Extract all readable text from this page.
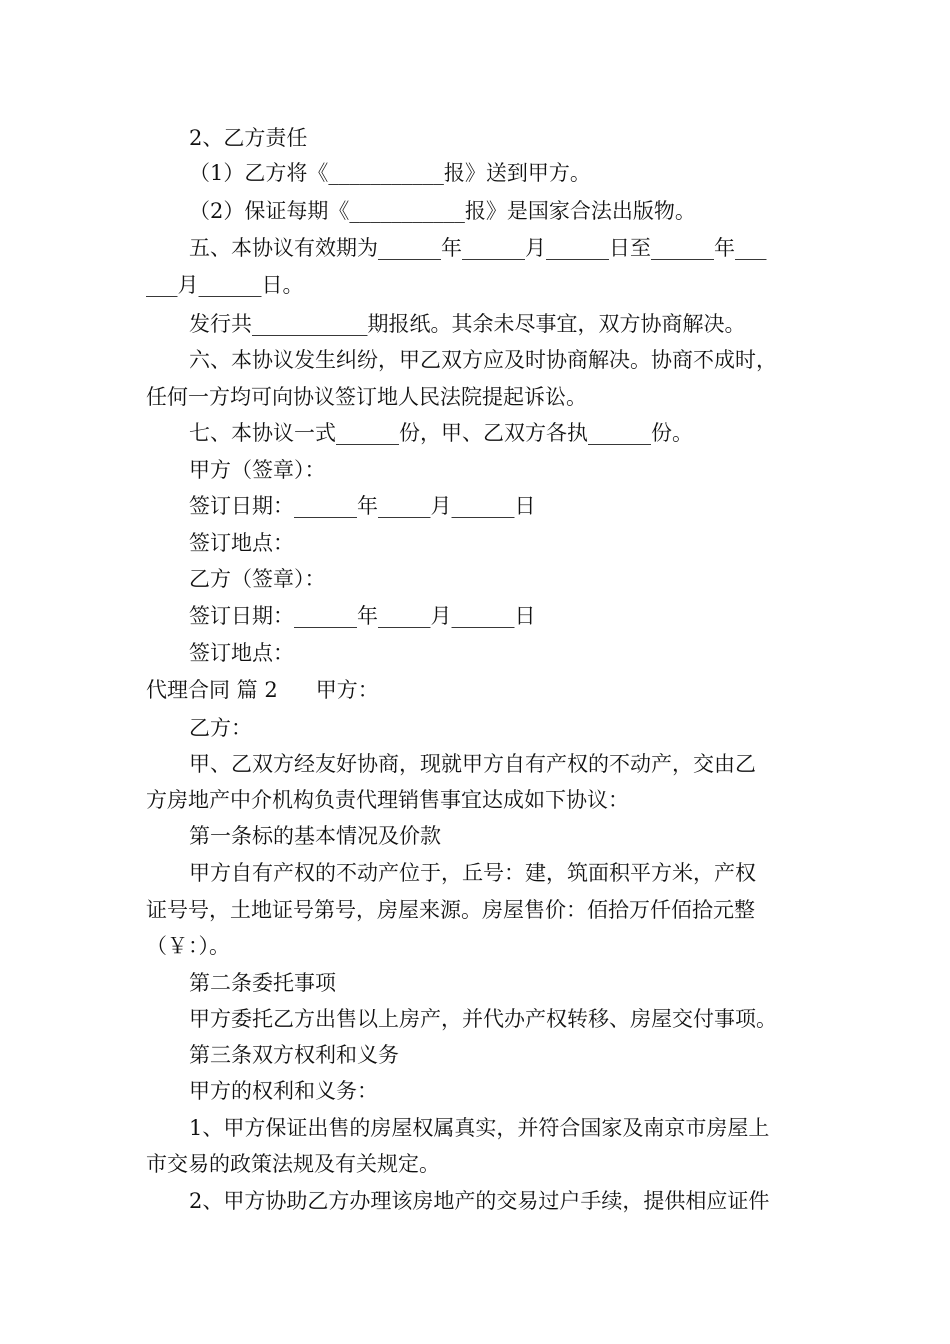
2、乙方责任
（1）乙方将《___________报》送到甲方。
（2）保证每期《___________报》是国家合法出版物。
五、本协议有效期为______年______月______日至______年___
___月______日。
发行共___________期报纸。其余未尽事宜，双方协商解决。
六、本协议发生纠纷，甲乙双方应及时协商解决。协商不成时，
任何一方均可向协议签订地人民法院提起诉讼。
七、本协议一式______份，甲、乙双方各执______份。
甲方（签章）：
签订日期：______年_____月______日
签订地点：
乙方（签章）：
签订日期：______年_____月______日
签订地点：
代理合同 篇 2 甲方：
乙方：
甲、乙双方经友好协商，现就甲方自有产权的不动产，交由乙
方房地产中介机构负责代理销售事宜达成如下协议：
第一条标的基本情况及价款
甲方自有产权的不动产位于，丘号：建，筑面积平方米，产权
证号号，土地证号第号，房屋来源。房屋售价：佰拾万仟佰拾元整
（￥：）。
第二条委托事项
甲方委托乙方出售以上房产，并代办产权转移、房屋交付事项。
第三条双方权利和义务
甲方的权利和义务：
1、甲方保证出售的房屋权属真实，并符合国家及南京市房屋上
市交易的政策法规及有关规定。
2、甲方协助乙方办理该房地产的交易过户手续，提供相应证件
